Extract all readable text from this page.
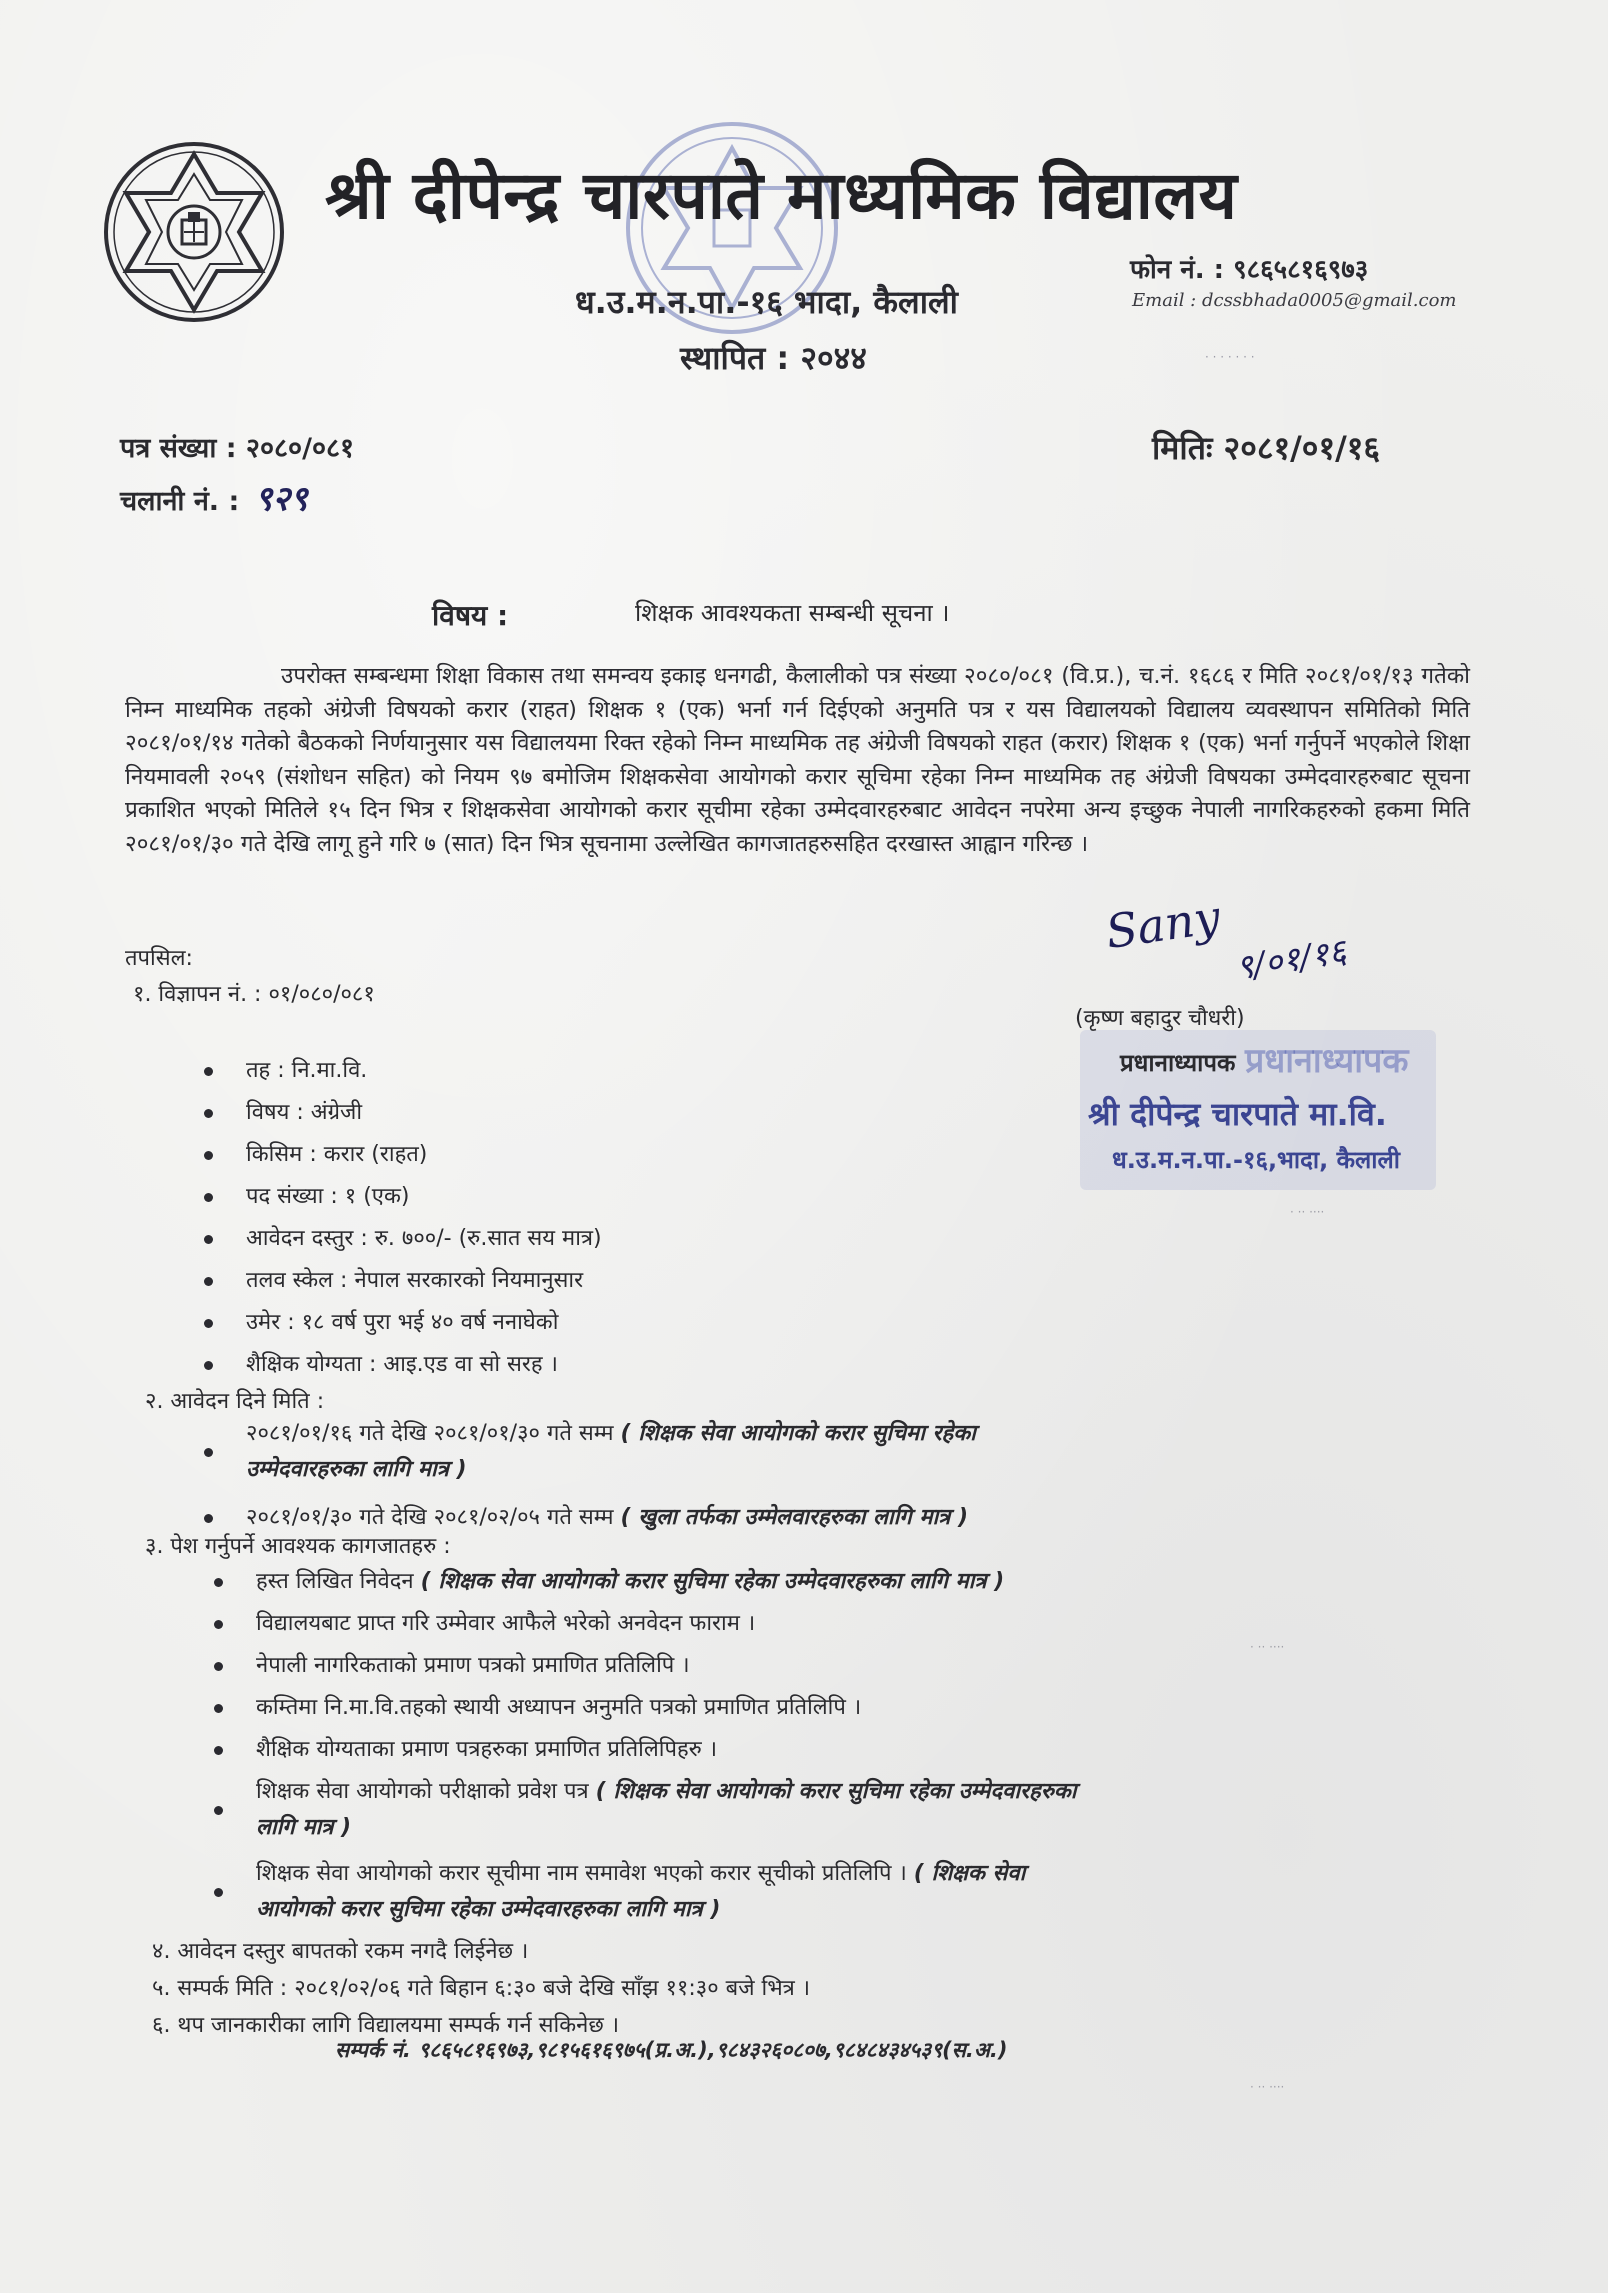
श्री दीपेन्द्र चारपाते माध्यमिक विद्यालय
ध.उ.म.न.पा.-१६ भादा, कैलाली
स्थापित : २०४४
फोन नं. : ९८६५८१६९७३
Email : dcssbhada0005@gmail.com
· · · · · · ·
पत्र संख्या : २०८०/०८१
चलानी नं. : ९२९
मितिः २०८१/०१/१६
विषय :	शिक्षक आवश्यकता सम्बन्धी सूचना ।
उपरोक्त सम्बन्धमा शिक्षा विकास तथा समन्वय इकाइ धनगढी, कैलालीको पत्र संख्या २०८०/०८१ (वि.प्र.), च.नं. १६८६ र मिति २०८१/०१/१३ गतेको निम्न माध्यमिक तहको अंग्रेजी विषयको करार (राहत) शिक्षक १ (एक) भर्ना गर्न दिईएको अनुमति पत्र र यस विद्यालयको विद्यालय व्यवस्थापन समितिको मिति २०८१/०१/१४ गतेको बैठकको निर्णयानुसार यस विद्यालयमा रिक्त रहेको निम्न माध्यमिक तह अंग्रेजी विषयको राहत (करार) शिक्षक १ (एक) भर्ना गर्नुपर्ने भएकोले शिक्षा नियमावली २०५९ (संशोधन सहित) को नियम ९७ बमोजिम शिक्षकसेवा आयोगको करार सूचिमा रहेका निम्न माध्यमिक तह अंग्रेजी विषयका उम्मेदवारहरुबाट सूचना प्रकाशित भएको मितिले १५ दिन भित्र र शिक्षकसेवा आयोगको करार सूचीमा रहेका उम्मेदवारहरुबाट आवेदन नपरेमा अन्य इच्छुक नेपाली नागरिकहरुको हकमा मिति २०८१/०१/३० गते देखि लागू हुने गरि ७ (सात) दिन भित्र सूचनामा उल्लेखित कागजातहरुसहित दरखास्त आह्वान गरिन्छ ।
तपसिल:
१. विज्ञापन नं. : ०१/०८०/०८१
तह : नि.मा.वि.
विषय : अंग्रेजी
किसिम : करार (राहत)
पद संख्या : १ (एक)
आवेदन दस्तुर : रु. ७००/- (रु.सात सय मात्र)
तलव स्केल : नेपाल सरकारको नियमानुसार
उमेर : १८ वर्ष पुरा भई ४० वर्ष ननाघेको
शैक्षिक योग्यता : आइ.एड वा सो सरह ।
२. आवेदन दिने मिति :
२०८१/०१/१६ गते देखि २०८१/०१/३० गते सम्म ( शिक्षक सेवा आयोगको करार सुचिमा रहेका
उम्मेदवारहरुका लागि मात्र )
२०८१/०१/३० गते देखि २०८१/०२/०५ गते सम्म ( खुला तर्फका उम्मेलवारहरुका लागि मात्र )
३. पेश गर्नुपर्ने आवश्यक कागजातहरु :
हस्त लिखित निवेदन ( शिक्षक सेवा आयोगको करार सुचिमा रहेका उम्मेदवारहरुका लागि मात्र )
विद्यालयबाट प्राप्त गरि उम्मेवार आफैले भरेको अनवेदन फाराम ।
नेपाली नागरिकताको प्रमाण पत्रको प्रमाणित प्रतिलिपि ।
कम्तिमा नि.मा.वि.तहको स्थायी अध्यापन अनुमति पत्रको प्रमाणित प्रतिलिपि ।
शैक्षिक योग्यताका प्रमाण पत्रहरुका प्रमाणित प्रतिलिपिहरु ।
शिक्षक सेवा आयोगको परीक्षाको प्रवेश पत्र ( शिक्षक सेवा आयोगको करार सुचिमा रहेका उम्मेदवारहरुका
लागि मात्र )
शिक्षक सेवा आयोगको करार सूचीमा नाम समावेश भएको करार सूचीको प्रतिलिपि । ( शिक्षक सेवा
आयोगको करार सुचिमा रहेका उम्मेदवारहरुका लागि मात्र )
४. आवेदन दस्तुर बापतको रकम नगदै लिईनेछ ।
५. सम्पर्क मिति : २०८१/०२/०६ गते बिहान ६:३० बजे देखि साँझ ११:३० बजे भित्र ।
६. थप जानकारीका लागि विद्यालयमा सम्पर्क गर्न सकिनेछ ।
सम्पर्क नं. ९८६५८१६९७३,९८१५६१६९७५(प्र.अ.),९८४३२६०८०७,९८४८४३४५३९(स.अ.)
प्रधानाध्यापक
Sany
९/०१/१६
(कृष्ण बहादुर चौधरी)
प्रधानाध्यापक
श्री दीपेन्द्र चारपाते मा.वि.
ध.उ.म.न.पा.-१६,भादा, कैलाली
· ·· ····
· ·· ····
· ·· ····
